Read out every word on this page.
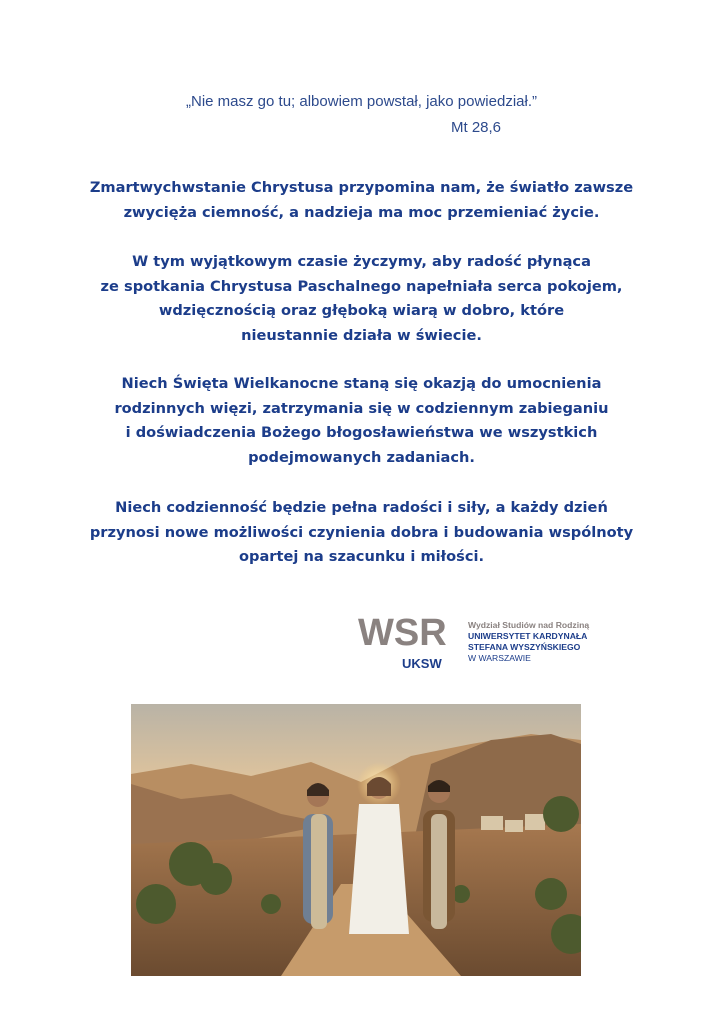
„Nie masz go tu; albowiem powstał, jako powiedział.”
Mt 28,6
Zmartwychwstanie Chrystusa przypomina nam, że światło zawsze
zwycięża ciemność, a nadzieja ma moc przemieniać życie.
W tym wyjątkowym czasie życzymy, aby radość płynąca
ze spotkania Chrystusa Paschalnego napełniała serca pokojem,
wdzięcznością oraz głęboką wiarą w dobro, które
nieustannie działa w świecie.
Niech Święta Wielkanocne staną się okazją do umocnienia
rodzinnych więzi, zatrzymania się w codziennym zabieganiu
i doświadczenia Bożego błogosławieństwa we wszystkich
podejmowanych zadaniach.
Niech codzienność będzie pełna radości i siły, a każdy dzień
przynosi nowe możliwości czynienia dobra i budowania wspólnoty
opartej na szacunku i miłości.
WSR
UKSW
Wydział Studiów nad Rodziną
UNIWERSYTET KARDYNAŁA
STEFANA WYSZYŃSKIEGO
W WARSZAWIE
